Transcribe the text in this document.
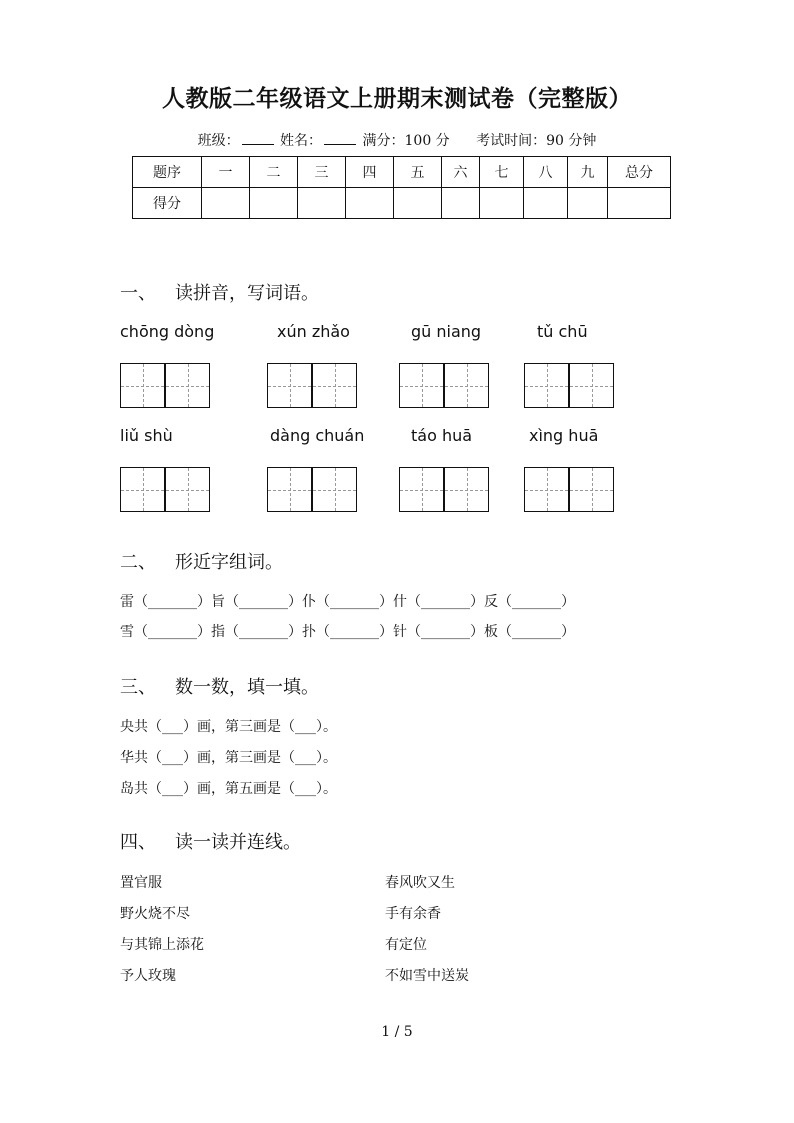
人教版二年级语文上册期末测试卷（完整版）
班级：	姓名：	满分：100 分 考试时间：90 分钟
题序	一	二	三	四	五	六	七	八	九	总分
得分										
一、 读拼音，写词语。
chōng dòng	xún zhǎo	gū niang	tǔ chū
liǔ shù	dàng chuán	táo huā	xìng huā
二、 形近字组词。
雷（_______）旨（_______）仆（_______）什（_______）反（_______）
雪（_______）指（_______）扑（_______）针（_______）板（_______）
三、 数一数，填一填。
央共（___）画，第三画是（___）。
华共（___）画，第三画是（___）。
岛共（___）画，第五画是（___）。
四、 读一读并连线。
置官服
野火烧不尽
与其锦上添花
予人玫瑰
春风吹又生
手有余香
有定位
不如雪中送炭
1 / 5
